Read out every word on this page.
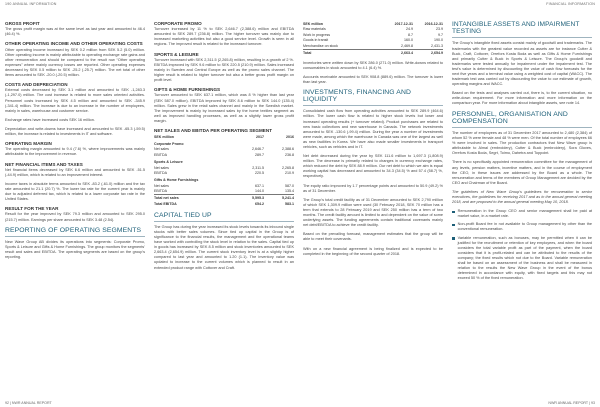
190 ANNUAL INFORMATION	FINANCIAL INFORMATION
GROSS PROFIT

The gross profit margin was at the same level as last year and amounted to 46.4 (46.4) %.

OTHER OPERATING INCOME AND OTHER OPERATING COSTS

Other operating income increased by SEK 0.2 million from SEK 5.2 (5.0) million. Other operating income is mainly attributable to operating exchange rate gains and other remuneration and should be compared to the result row “Other operating expenses” where mainly currency losses are reported. Other operating expenses decreased by SEK 0.5 million to SEK -25.2 (-25.7) million. The net total of other items amounted to SEK -20.0 (-20.5) million.

COSTS AND DEPRECIATION

External costs decreased by SEK 3.1 million and amounted to SEK -1,283.3 (-1,297.0) million. The cost increase is related to more sales oriented activities. Personnel costs increased by SEK 4.5 million and amounted to SEK -345.9 (-341.4) million. The increase is due to an increase in the number of employees, mainly in sales, warehouse and customer service.

Exchange rates have increased costs SEK 16 million.

Depreciation and write-downs have increased and amounted to SEK -65.3 (-59.5) million, the increase is related to investments in IT and software.

OPERATING MARGIN

The operating margin amounted to 9.4 (7.6) %, where improvements was mainly attributable to the improvement in revenue.

NET FINANCIAL ITEMS AND TAXES

Net financial items decreased by SEK 6.6 million and amounted to SEK -51.5 (-44.9) million, which is related to an improvement interest.

Income taxes in absolute terms amounted to SEK -83.2 (-61.0) million and the tax rate amounted to 21.1 (20.7) %. The lower tax rate for the current year is mainly due to adjusted deferred tax, which is related to a lower corporate tax rate in the United States.

RESULT FOR THE YEAR

Result for the year improved by SEK 79.3 million and amounted to SEK 295.0 (215.7) million. Earnings per share amounted to SEK 3.48 (2.54).

REPORTING OF OPERATING SEGMENTS

New Wave Group AB divides its operations into segments: Corporate Promo, Sports & Leisure and Gifts & Home Furnishings. The group monitors the segments’ result and sales and EBITDA. The operating segments are based on the group's reporting.

CORPORATE PROMO

Turnover increased by 11 % to SEK 2,646.7 (2,388.6) million and EBITDA amounted to SEK 289.7 (236.8) million. The higher turnover was mainly due to increased marketing activities but also a good service level. Growth is seen in all regions. The improved result is related to the increased turnover.

SPORTS & LEISURE

Turnover increased with SEK 2,311.5 (2,265.8) million, resulting in a growth of 2 %. EBITDA improved by SEK 9.6 million to SEK 220.5 (210.9) million. Sales increased mainly in Sweden and Central Europe as well as the promo sales channel. The higher result is related to higher turnover but also a better gross profit margin on profit level.

GIFTS & HOME FURNISHINGS

Turnover amounted to SEK 637.1 million, which was 8 % higher than last year (SEK 587.0 million). EBITDA improved by SEK 8.6 million to SEK 144.0 (135.4) million. Sales grew in the retail sales channel and mainly in the Swedish market. The improvement is mainly by increased sales by the home textiles segment as well as improved handling processes, as well as a slightly lower gross profit margin.

NET SALES AND EBITDA PER OPERATING SEGMENT
SEK million	2017	2016
Corporate Promo		
Net sales	2,646.7	2,388.6
EBITDA	289.7	236.8
Sports & Leisure		
Net sales	2,311.5	2,265.8
EBITDA	220.5	210.9
Gifts & Home Furnishings		
Net sales	637.1	587.0
EBITDA	144.0	135.4
Total net sales	5,595.3	5,241.4
Total EBITDA	654.2	583.1
CAPITAL TIED UP

The Group has during the year increased its stock levels towards its inbound single stocks with better sales volumes. Since tied up capital in the Group is of significance to the financial results, the management and the operational teams have worked with controlling the stock level in relation to the sales. Capital tied up in goods has increased by SEK 8.5 million and stock inventories amounted to SEK 2,663.4 (2,654.9) million. The current stock inventory level is at a slightly higher compared to last year and amounted to 1.20 (1.1). The inventory value was updated to increase to the current volumes which is planned to result in an extended product range with Cottover and Craft.

SEK million	2017-12-31	2016-12-31
Raw materials	24.9	23.9
Work in progress	8.7	9.7
Goods in transit	160.0	190.0
Merchandise on stock	2,469.8	2,431.3
Total	2,663.4	2,654.9

Inventories were written down by SEK 286.0 (271.0) million. Write-downs related to consumables in stock amounted to 4.1 (6.4) %.

Accounts receivable amounted to SEK 908.8 (889.6) million. The turnover is lower than last year.

INVESTMENTS, FINANCING AND LIQUIDITY

Consolidated cash flow from operating activities amounted to SEK 289.9 (464.6) million. The lower cash flow is related to higher stock levels but lower and increased operating results (+ turnover related). Product purchases are related to new basic collections and new warehouse in Canada. The network investments amounted to SEK -130.6 (-99.4) million. During the year a number of investments were made, among which the warehouse in Canada was one of the largest as well as new facilities in Korea. We have also made smaller investments in transport vehicles, such as vehicles and in IT.

Net debt decreased during the year by SEK 111.6 million to 1,697.3 (1,808.9) million. The decrease is primarily related to changes in currency exchange rates, which reduced the debt by SEK 88.9 million. Our net debt to which we aim is equal working capital has decreased and amounted to 34.3 (34.5) % and 57.4 (58.7) %, respectively.

The equity ratio improved by 1.7 percentage points and amounted to 50.9 (49.2) % as of 31 December.

The Group's total credit facility as of 31 December amounted to SEK 2,790 million of which SEK 1,309.9 million were used (30 February 2018, SEK 70 million has a term that extends to 28 February 2019 and SEK 250 million has a term of two months. The credit facility amount is limited to and dependent on the value of some underlying assets. The funding agreements contain traditional covenants mainly net debt/EBITDA to achieve the credit facility.

Based on the prevailing forecast, management estimates that the group will be able to meet their covenants.

With on a new financial agreement is being finalized and is expected to be completed in the beginning of the second quarter of 2018.

INTANGIBLE ASSETS AND IMPAIRMENT TESTING

The Group's intangible fixed assets consist mainly of goodwill and trademarks. The trademarks with the greatest value recorded as assets are for instance Cutter & Buck, Craft, Cottover, Orrefors Kosta Boda as well as Gifts & Home Furnishings and primarily Cutter & Buck in Sports & Leisure. The Group's goodwill and trademarks were tested annually for impairment under the impairment test. The test's value is determined by discounting the value of cash flow forecasts for the next five years and a terminal value using a weighted cost of capital (WACC). The trademark test was carried out by discounting the value to our estimate of growth, operating margins and WACC.

Based on the tests and analyses carried out, there is, to the current situation, no write-down requirement. For more information and more information on the comparison year. For more information about intangible assets, see note 14.

PERSONNEL, ORGANISATION AND COMPENSATION

The number of employees as of 31 December 2017 amounted to 2,480 (2,384) of whom 52 % were female and 48 % were men. Of the total number of employees 66 % were involved in sales. The production contractors that New Wave group is attributable to Almal (embroidery), Cutter & Buck (embroidery), Sora Gloves, Orrefors Kosta Boda, Segrt, Toimo, Dahetra and Toppoint.

There is no specifically appointed remuneration committee for the management of any levels, pension matters, incentive matters, and in the course of employment the CEO, in these issues are addressed by the Board as a whole. The remuneration and terms of the members of Group Management are decided by the CEO and Chairman of the Board.

The guidelines of New Wave Group's guidelines for remuneration to senior executives, the guidelines for receiving 2017 and as in the annual general meeting 2018, and are proposed to the annual general meeting May 10, 2018.

Remuneration in the Group CEO and senior management shall be paid at market value, in a market rate.
Non-profit Board fee in not available to Group management by other than the conventional remuneration.
Variable remuneration, such as bonuses, may be permitted when it can be justified for the recruitment or retention of key employees, and when the board considers the total variable profit as part of the payment, when the board considers that it is profit-related and can be attributed to the results of the company; the fixed results which not due to the Board. Variable remuneration shall be based on an assessment of the business and shall be measured in relation to the results the New Wave Group in the event of the bonus determined in accordance with equity, with fixed targets and this may not exceed 50 % of the fixed remuneration.
92 | NWR ANNUAL REPORT	NWR ANNUAL REPORT | 93
